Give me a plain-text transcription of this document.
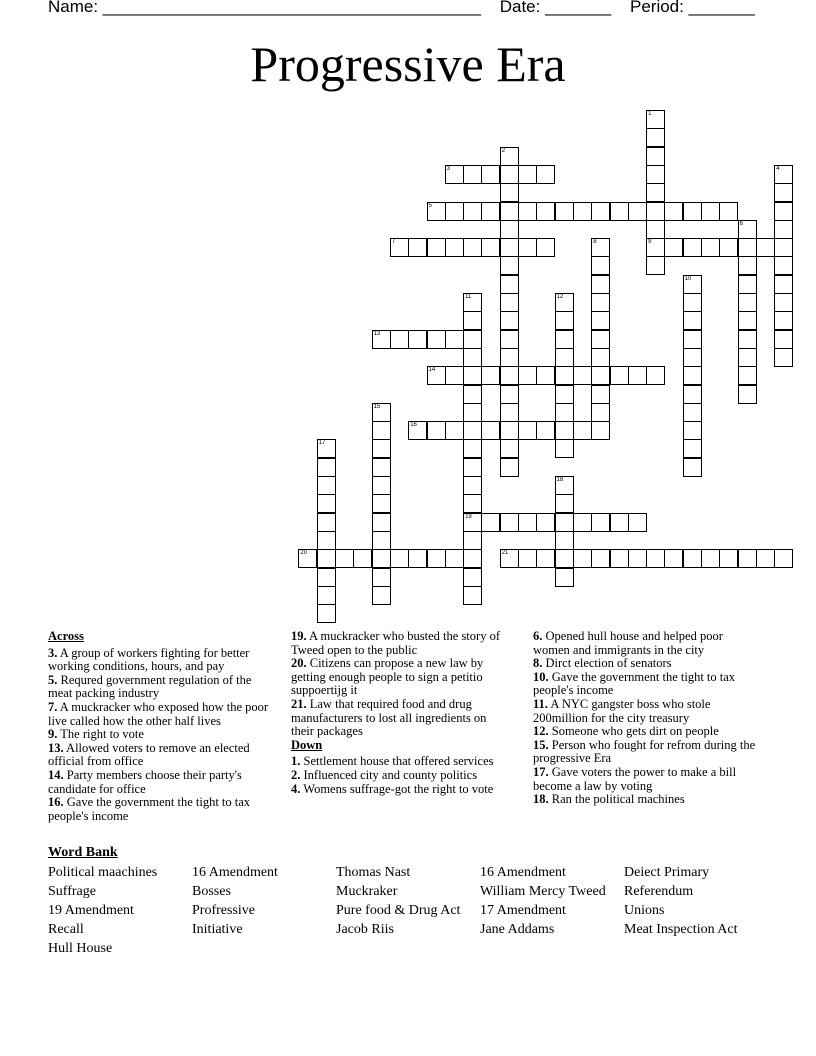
Name: ________________________________________ Date: _______ Period: _______
Progressive Era
1
9
2
3	4
5
6
7	8
10
11
19
12
13
14
15
16
17
18
20	21
Across
3. A group of workers fighting for better working conditions, hours, and pay
5. Requred government regulation of the meat packing industry
7. A muckracker who exposed how the poor live called how the other half lives
9. The right to vote
13. Allowed voters to remove an elected official from office
14. Party members choose their party's candidate for office
16. Gave the government the tight to tax people's income
19. A muckracker who busted the story of Tweed open to the public
20. Citizens can propose a new law by getting enough people to sign a petitio suppoertijg it
21. Law that required food and drug manufacturers to lost all ingredients on their packages
Down
1. Settlement house that offered services
2. Influenced city and county politics
4. Womens suffrage-got the right to vote
6. Opened hull house and helped poor women and immigrants in the city
8. Dirct election of senators
10. Gave the government the tight to tax people's income
11. A NYC gangster boss who stole 200million for the city treasury
12. Someone who gets dirt on people
15. Person who fought for refrom during the progressive Era
17. Gave voters the power to make a bill become a law by voting
18. Ran the political machines
Word Bank
Political maachines	16 Amendment	Thomas Nast	16 Amendment	Deiect Primary
Suffrage	Bosses	Muckraker	William Mercy Tweed	Referendum
19 Amendment	Profressive	Pure food & Drug Act	17 Amendment	Unions
Recall	Initiative	Jacob Riis	Jane Addams	Meat Inspection Act
Hull House
